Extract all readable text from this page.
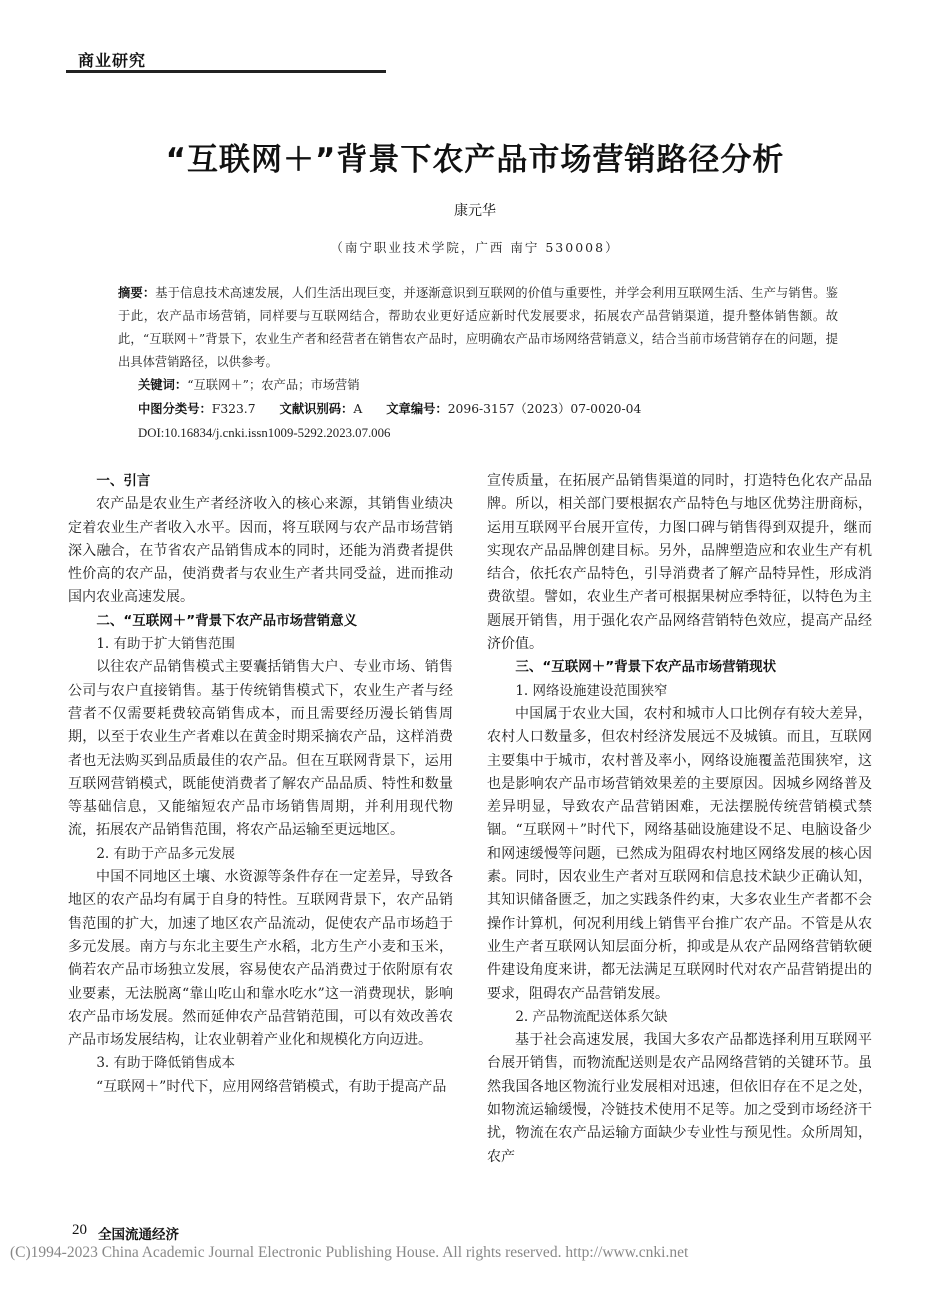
商业研究
“互联网＋”背景下农产品市场营销路径分析
康元华
（南宁职业技术学院，广西 南宁 530008）
摘要：基于信息技术高速发展，人们生活出现巨变，并逐渐意识到互联网的价值与重要性，并学会利用互联网生活、生产与销售。鉴于此，农产品市场营销，同样要与互联网结合，帮助农业更好适应新时代发展要求，拓展农产品营销渠道，提升整体销售额。故此，“互联网＋”背景下，农业生产者和经营者在销售农产品时，应明确农产品市场网络营销意义，结合当前市场营销存在的问题，提出具体营销路径，以供参考。
关键词：“互联网＋”；农产品；市场营销
中图分类号：F323.7 文献识别码：A 文章编号：2096-3157（2023）07-0020-04
DOI:10.16834/j.cnki.issn1009-5292.2023.07.006
一、引言

农产品是农业生产者经济收入的核心来源，其销售业绩决定着农业生产者收入水平。因而，将互联网与农产品市场营销深入融合，在节省农产品销售成本的同时，还能为消费者提供性价高的农产品，使消费者与农业生产者共同受益，进而推动国内农业高速发展。

二、“互联网＋”背景下农产品市场营销意义
1. 有助于扩大销售范围

以往农产品销售模式主要囊括销售大户、专业市场、销售公司与农户直接销售。基于传统销售模式下，农业生产者与经营者不仅需要耗费较高销售成本，而且需要经历漫长销售周期，以至于农业生产者难以在黄金时期采摘农产品，这样消费者也无法购买到品质最佳的农产品。但在互联网背景下，运用互联网营销模式，既能使消费者了解农产品品质、特性和数量等基础信息，又能缩短农产品市场销售周期，并利用现代物流，拓展农产品销售范围，将农产品运输至更远地区。

2. 有助于产品多元发展

中国不同地区土壤、水资源等条件存在一定差异，导致各地区的农产品均有属于自身的特性。互联网背景下，农产品销售范围的扩大，加速了地区农产品流动，促使农产品市场趋于多元发展。南方与东北主要生产水稻，北方生产小麦和玉米，倘若农产品市场独立发展，容易使农产品消费过于依附原有农业要素，无法脱离“靠山吃山和靠水吃水”这一消费现状，影响农产品市场发展。然而延伸农产品营销范围，可以有效改善农产品市场发展结构，让农业朝着产业化和规模化方向迈进。

3. 有助于降低销售成本

“互联网＋”时代下，应用网络营销模式，有助于提高产品

宣传质量，在拓展产品销售渠道的同时，打造特色化农产品品牌。所以，相关部门要根据农产品特色与地区优势注册商标，运用互联网平台展开宣传，力图口碑与销售得到双提升，继而实现农产品品牌创建目标。另外，品牌塑造应和农业生产有机结合，依托农产品特色，引导消费者了解产品特异性，形成消费欲望。譬如，农业生产者可根据果树应季特征，以特色为主题展开销售，用于强化农产品网络营销特色效应，提高产品经济价值。

三、“互联网＋”背景下农产品市场营销现状
1. 网络设施建设范围狭窄

中国属于农业大国，农村和城市人口比例存有较大差异，农村人口数量多，但农村经济发展远不及城镇。而且，互联网主要集中于城市，农村普及率小，网络设施覆盖范围狭窄，这也是影响农产品市场营销效果差的主要原因。因城乡网络普及差异明显，导致农产品营销困难，无法摆脱传统营销模式禁锢。“互联网＋”时代下，网络基础设施建设不足、电脑设备少和网速缓慢等问题，已然成为阻碍农村地区网络发展的核心因素。同时，因农业生产者对互联网和信息技术缺少正确认知，其知识储备匮乏，加之实践条件约束，大多农业生产者都不会操作计算机，何况利用线上销售平台推广农产品。不管是从农业生产者互联网认知层面分析，抑或是从农产品网络营销软硬件建设角度来讲，都无法满足互联网时代对农产品营销提出的要求，阻碍农产品营销发展。

2. 产品物流配送体系欠缺

基于社会高速发展，我国大多农产品都选择利用互联网平台展开销售，而物流配送则是农产品网络营销的关键环节。虽然我国各地区物流行业发展相对迅速，但依旧存在不足之处，如物流运输缓慢，冷链技术使用不足等。加之受到市场经济干扰，物流在农产品运输方面缺少专业性与预见性。众所周知，农产

20 全国流通经济
(C)1994-2023 China Academic Journal Electronic Publishing House. All rights reserved. http://www.cnki.net
